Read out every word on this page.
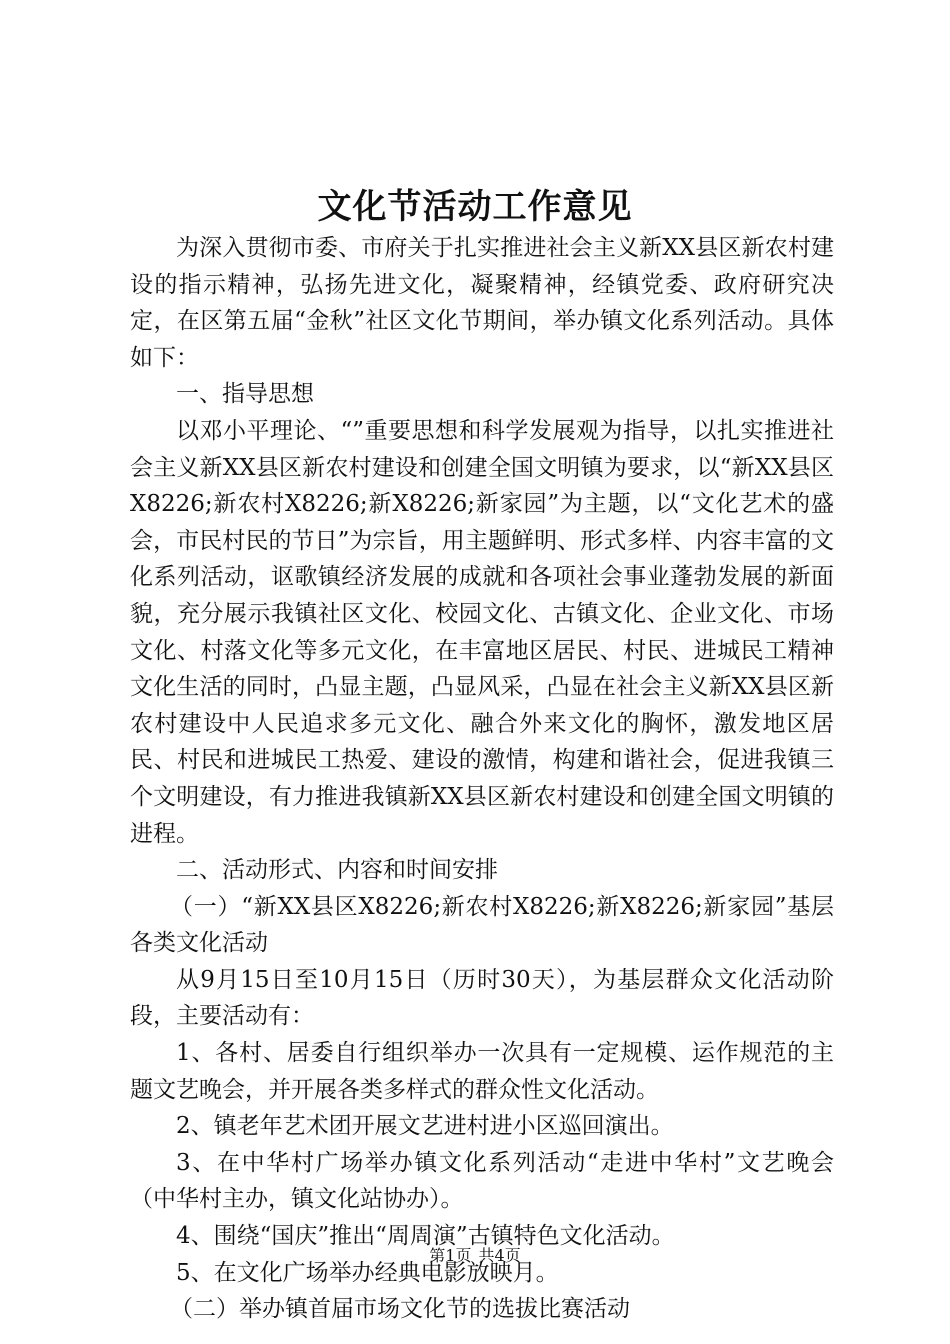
文化节活动工作意见

为深入贯彻市委、市府关于扎实推进社会主义新XX县区新农村建设的指示精神，弘扬先进文化，凝聚精神，经镇党委、政府研究决定，在区第五届“金秋”社区文化节期间，举办镇文化系列活动。具体如下：

一、指导思想

以邓小平理论、“”重要思想和科学发展观为指导，以扎实推进社会主义新XX县区新农村建设和创建全国文明镇为要求，以“新XX县区X8226;新农村X8226;新X8226;新家园”为主题，以“文化艺术的盛会，市民村民的节日”为宗旨，用主题鲜明、形式多样、内容丰富的文化系列活动，讴歌镇经济发展的成就和各项社会事业蓬勃发展的新面貌，充分展示我镇社区文化、校园文化、古镇文化、企业文化、市场文化、村落文化等多元文化，在丰富地区居民、村民、进城民工精神文化生活的同时，凸显主题，凸显风采，凸显在社会主义新XX县区新农村建设中人民追求多元文化、融合外来文化的胸怀，激发地区居民、村民和进城民工热爱、建设的激情，构建和谐社会，促进我镇三个文明建设，有力推进我镇新XX县区新农村建设和创建全国文明镇的进程。

二、活动形式、内容和时间安排

（一）“新XX县区X8226;新农村X8226;新X8226;新家园”基层各类文化活动

从9月15日至10月15日（历时30天），为基层群众文化活动阶段，主要活动有：

1、各村、居委自行组织举办一次具有一定规模、运作规范的主题文艺晚会，并开展各类多样式的群众性文化活动。

2、镇老年艺术团开展文艺进村进小区巡回演出。

3、在中华村广场举办镇文化系列活动“走进中华村”文艺晚会（中华村主办，镇文化站协办）。

4、围绕“国庆”推出“周周演”古镇特色文化活动。

5、在文化广场举办经典电影放映月。

（二）举办镇首届市场文化节的选拔比赛活动

第1页 共4页
